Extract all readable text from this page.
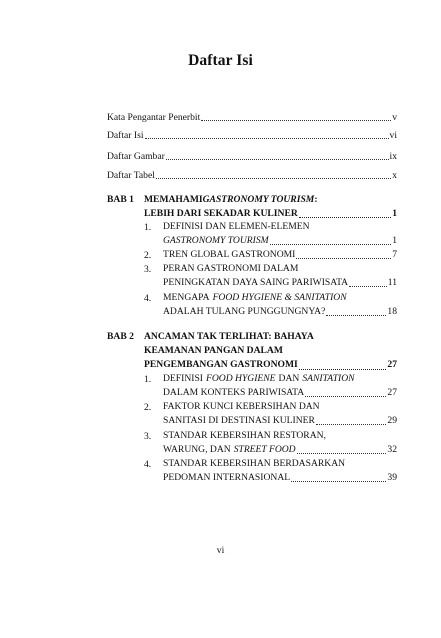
Daftar Isi
Kata Pengantar Penerbit	v
Daftar Isi	vi
Daftar Gambar	ix
Daftar Tabel	x
BAB 1 MEMAHAMI GASTRONOMY TOURISM :
LEBIH DARI SEKADAR KULINER	1
1. DEFINISI DAN ELEMEN-ELEMEN
GASTRONOMY TOURISM	1
2. TREN GLOBAL GASTRONOMI	7
3. PERAN GASTRONOMI DALAM
PENINGKATAN DAYA SAING PARIWISATA	11
4. MENGAPA FOOD HYGIENE & SANITATION
ADALAH TULANG PUNGGUNGNYA?	18
BAB 2 ANCAMAN TAK TERLIHAT: BAHAYA
KEAMANAN PANGAN DALAM
PENGEMBANGAN GASTRONOMI	27
1. DEFINISI FOOD HYGIENE DAN SANITATION
DALAM KONTEKS PARIWISATA	27
2. FAKTOR KUNCI KEBERSIHAN DAN
SANITASI DI DESTINASI KULINER	29
3. STANDAR KEBERSIHAN RESTORAN,
WARUNG, DAN STREET FOOD	32
4. STANDAR KEBERSIHAN BERDASARKAN
PEDOMAN INTERNASIONAL	39
vi
